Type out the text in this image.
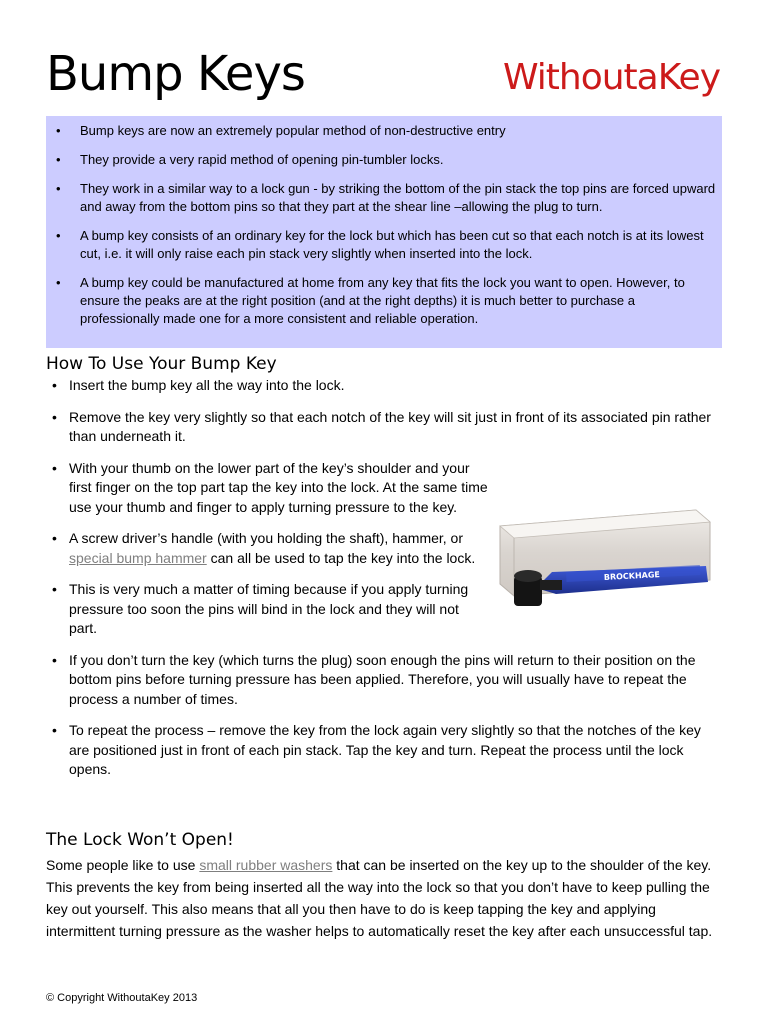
Bump Keys	WithoutaKey
• Bump keys are now an extremely popular method of non-destructive entry
• They provide a very rapid method of opening pin-tumbler locks.
• They work in a similar way to a lock gun - by striking the bottom of the pin stack the top pins are forced upward and away from the bottom pins so that they part at the shear line –allowing the plug to turn.
• A bump key consists of an ordinary key for the lock but which has been cut so that each notch is at its lowest cut, i.e. it will only raise each pin stack very slightly when inserted into the lock.
• A bump key could be manufactured at home from any key that fits the lock you want to open. However, to ensure the peaks are at the right position (and at the right depths) it is much better to purchase a professionally made one for a more consistent and reliable operation.
How To Use Your Bump Key
• Insert the bump key all the way into the lock.
• Remove the key very slightly so that each notch of the key will sit just in front of its associated pin rather than underneath it.
• With your thumb on the lower part of the key’s shoulder and your first finger on the top part tap the key into the lock. At the same time use your thumb and finger to apply turning pressure to the key.
• A screw driver’s handle (with you holding the shaft), hammer, or special bump hammer can all be used to tap the key into the lock.
• This is very much a matter of timing because if you apply turning pressure too soon the pins will bind in the lock and they will not part.
• If you don’t turn the key (which turns the plug) soon enough the pins will return to their position on the bottom pins before turning pressure has been applied. Therefore, you will usually have to repeat the process a number of times.
• To repeat the process – remove the key from the lock again very slightly so that the notches of the key are positioned just in front of each pin stack. Tap the key and turn. Repeat the process until the lock opens.
BROCKHAGE
The Lock Won’t Open!

Some people like to use small rubber washers that can be inserted on the key up to the shoulder of the key. This prevents the key from being inserted all the way into the lock so that you don’t have to keep pulling the key out yourself. This also means that all you then have to do is keep tapping the key and applying intermittent turning pressure as the washer helps to automatically reset the key after each unsuccessful tap.

© Copyright WithoutaKey 2013
